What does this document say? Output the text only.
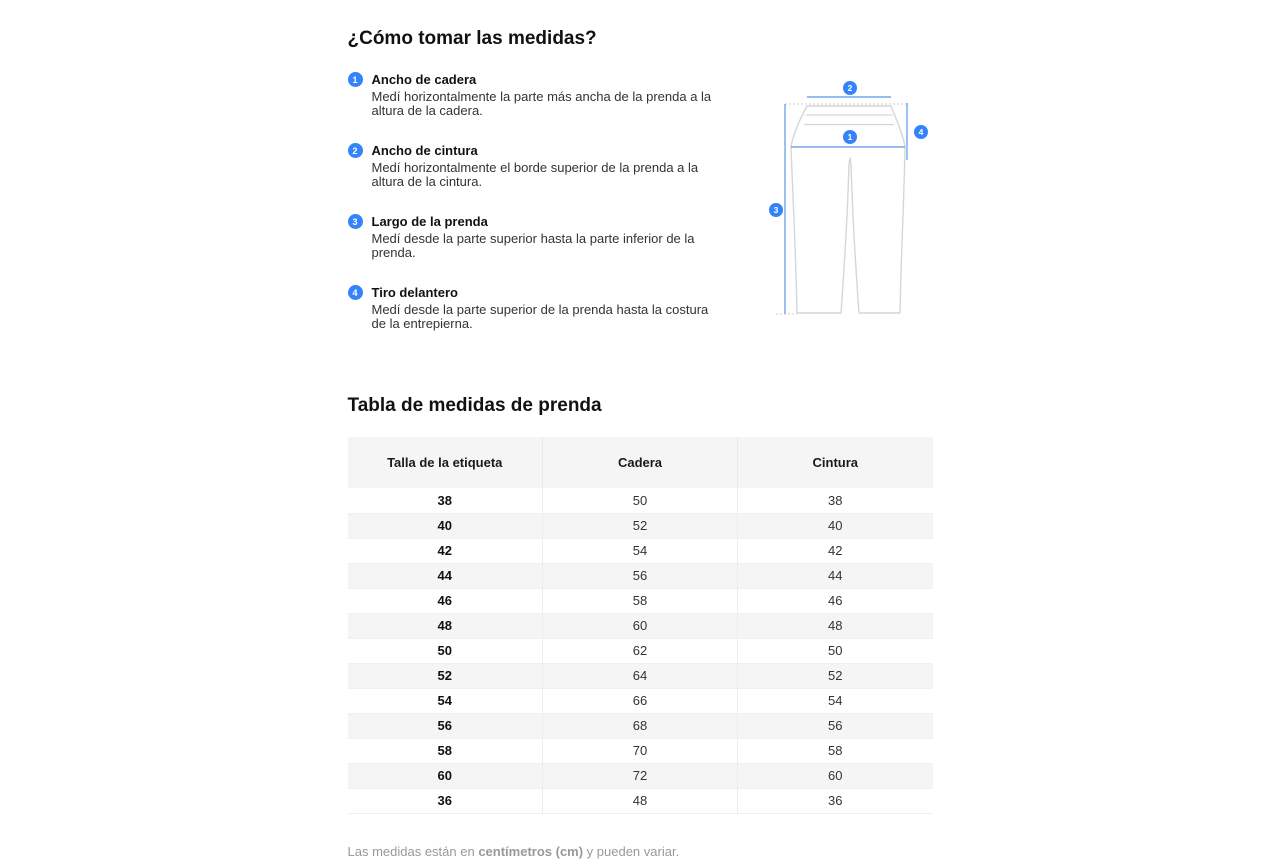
¿Cómo tomar las medidas?
1	Ancho de cadera
Medí horizontalmente la parte más ancha de la prenda a la altura de la cadera.
2	Ancho de cintura
Medí horizontalmente el borde superior de la prenda a la altura de la cintura.
3	Largo de la prenda
Medí desde la parte superior hasta la parte inferior de la prenda.
4	Tiro delantero
Medí desde la parte superior de la prenda hasta la costura de la entrepierna.
2
1
3
4
Tabla de medidas de prenda
Talla de la etiqueta	Cadera	Cintura
38	50	38
40	52	40
42	54	42
44	56	44
46	58	46
48	60	48
50	62	50
52	64	52
54	66	54
56	68	56
58	70	58
60	72	60
36	48	36

Las medidas están en centímetros (cm) y pueden variar.
